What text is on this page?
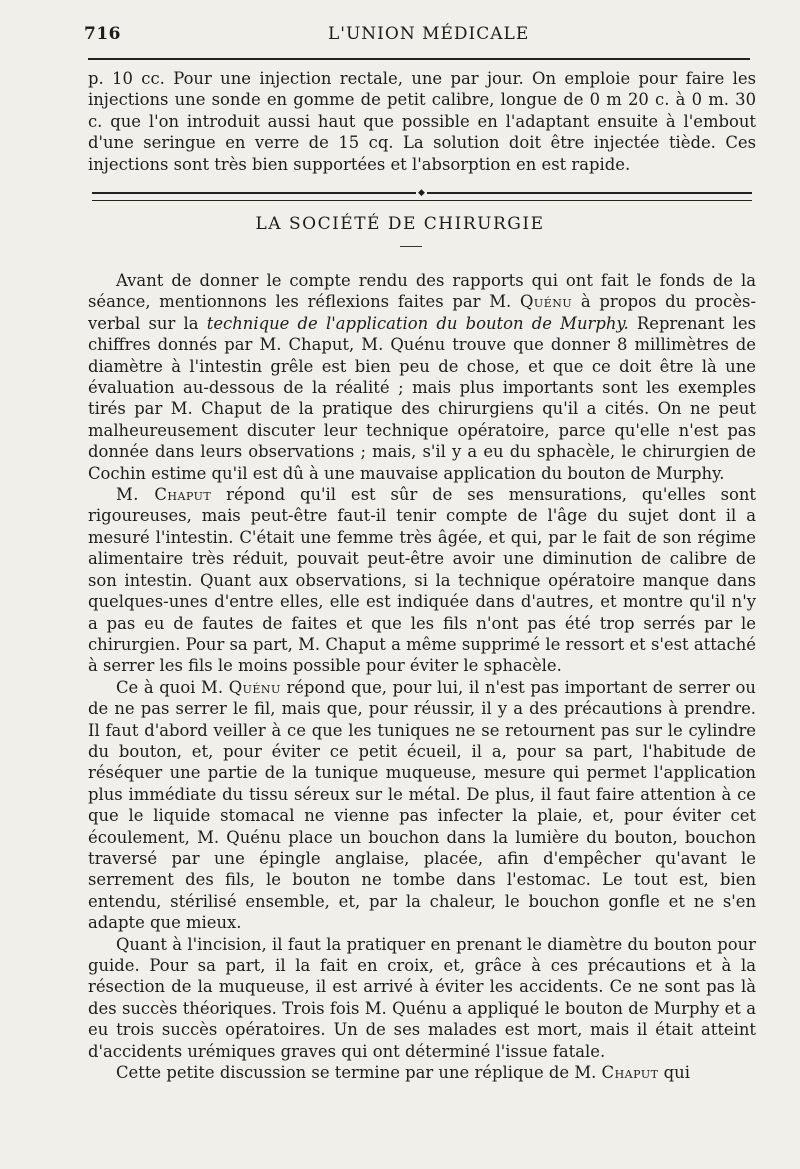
716	L'UNION MÉDICALE

p. 10 cc. Pour une injection rectale, une par jour. On emploie pour faire les injections une sonde en gomme de petit calibre, longue de 0 m 20 c. à 0 m. 30 c. que l'on introduit aussi haut que possible en l'adaptant ensuite à l'embout d'une seringue en verre de 15 cq. La solution doit être injectée tiède. Ces injections sont très bien supportées et l'absorption en est rapide.

◆
LA SOCIÉTÉ DE CHIRURGIE

Avant de donner le compte rendu des rapports qui ont fait le fonds de la séance, mentionnons les réflexions faites par M. Quénu à propos du procès-verbal sur la technique de l'application du bouton de Murphy. Reprenant les chiffres donnés par M. Chaput, M. Quénu trouve que donner 8 millimètres de diamètre à l'intestin grêle est bien peu de chose, et que ce doit être là une évaluation au-dessous de la réalité ; mais plus importants sont les exemples tirés par M. Chaput de la pratique des chirurgiens qu'il a cités. On ne peut malheureusement discuter leur technique opératoire, parce qu'elle n'est pas donnée dans leurs observations ; mais, s'il y a eu du sphacèle, le chirurgien de Cochin estime qu'il est dû à une mauvaise application du bouton de Murphy.

M. Chaput répond qu'il est sûr de ses mensurations, qu'elles sont rigoureuses, mais peut-être faut-il tenir compte de l'âge du sujet dont il a mesuré l'intestin. C'était une femme très âgée, et qui, par le fait de son régime alimentaire très réduit, pouvait peut-être avoir une diminution de calibre de son intestin. Quant aux observations, si la technique opératoire manque dans quelques-unes d'entre elles, elle est indiquée dans d'autres, et montre qu'il n'y a pas eu de fautes de faites et que les fils n'ont pas été trop serrés par le chirurgien. Pour sa part, M. Chaput a même supprimé le ressort et s'est attaché à serrer les fils le moins possible pour éviter le sphacèle.

Ce à quoi M. Quénu répond que, pour lui, il n'est pas important de serrer ou de ne pas serrer le fil, mais que, pour réussir, il y a des précautions à prendre. Il faut d'abord veiller à ce que les tuniques ne se retournent pas sur le cylindre du bouton, et, pour éviter ce petit écueil, il a, pour sa part, l'habitude de réséquer une partie de la tunique muqueuse, mesure qui permet l'application plus immédiate du tissu séreux sur le métal. De plus, il faut faire attention à ce que le liquide stomacal ne vienne pas infecter la plaie, et, pour éviter cet écoulement, M. Quénu place un bouchon dans la lumière du bouton, bouchon traversé par une épingle anglaise, placée, afin d'empêcher qu'avant le serrement des fils, le bouton ne tombe dans l'estomac. Le tout est, bien entendu, stérilisé ensemble, et, par la chaleur, le bouchon gonfle et ne s'en adapte que mieux.

Quant à l'incision, il faut la pratiquer en prenant le diamètre du bouton pour guide. Pour sa part, il la fait en croix, et, grâce à ces précautions et à la résection de la muqueuse, il est arrivé à éviter les accidents. Ce ne sont pas là des succès théoriques. Trois fois M. Quénu a appliqué le bouton de Murphy et a eu trois succès opératoires. Un de ses malades est mort, mais il était atteint d'accidents urémiques graves qui ont déterminé l'issue fatale.

Cette petite discussion se termine par une réplique de M. Chaput qui
